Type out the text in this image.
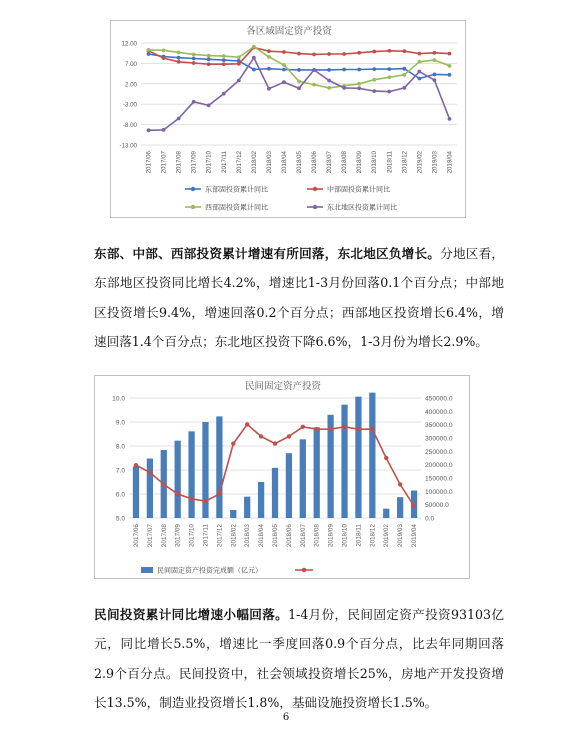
各区域固定资产投资
12.00
7.00
2.00
-3.00
-8.00
-13.00
2017/06 2017/07 2017/08 2017/09 2017/10 2017/11 2017/12 2018/02 2018/03 2018/04 2018/05 2018/06 2018/07 2018/08 2018/09 2018/10 2018/11 2018/12 2019/02 2019/03 2019/04
东部固投资累计同比	中部固投资累计同比
西部固投资累计同比	东北地区投资累计同比

东部、中部、西部投资累计增速有所回落，东北地区负增长。分地区看，东部地区投资同比增长4.2%，增速比1-3月份回落0.1个百分点；中部地区投资增长9.4%，增速回落0.2个百分点；西部地区投资增长6.4%，增速回落1.4个百分点；东北地区投资下降6.6%，1-3月份为增长2.9%。

民间固定资产投资
10.0
9.0
8.0
7.0
6.0
5.0
450000.0
400000.0
350000.0
300000.0
250000.0
200000.0
150000.0
100000.0
50000.0
0.0
2017/06 2017/07 2017/08 2017/09 2017/10 2017/11 2017/12 2018/02 2018/03 2018/04 2018/05 2018/06 2018/07 2018/08 2018/09 2018/10 2018/11 2018/12 2019/02 2019/03 2019/04
民间固定资产投资完成额（亿元）

民间投资累计同比增速小幅回落。1-4月份，民间固定资产投资93103亿元，同比增长5.5%，增速比一季度回落0.9个百分点，比去年同期回落2.9个百分点。民间投资中，社会领域投资增长25%，房地产开发投资增长13.5%，制造业投资增长1.8%，基础设施投资增长1.5%。

6
